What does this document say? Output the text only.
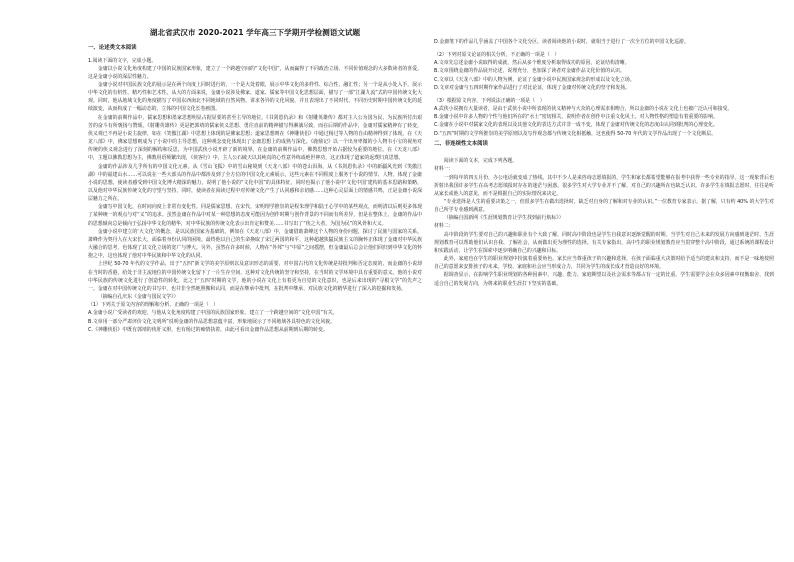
湖北省武汉市 2020-2021 学年高三下学期开学检测语文试题
一、论述类文本阅读

1.阅读下面的文字，完成小题。

金庸以小说文化角度构建了中国的民族国家形象，建立了一个跨越空间的“文化中国”，从而赢得了不同政治立场、不同价值观念的大多数读者的喜爱。这是金庸小说的深层性魅力。

金庸小说对中国民族文化的展示是在两个向度上同时进行的，一个是大处着眼，展示中华文化的多样性、综合性、融汇性；另一个是从小处入手，展示中华文化的有机性、精巧性和艺术性。从大的方面来说，金庸小说涉及佛家、道家、儒家等中国文化思想层面，描写了一部“江湖九流”式的中国传统文化大观。同时，他从地域文化的角度描写了中国东西南北不同地域的自然风物、讲求各异的文化风貌，并且表现出了不同时代、不同历史时期中国传统文化的延续演变，从而构成了一幅动态的、立体的中国文化长卷画图。

在金庸的前期作品中，儒家思想和墨家思想明显占据显要的甚至主导的地位。《书剑恩仇录》和《射雕英雄传》都对主人公为国为民、为民族所付出艰苦的奋斗有所褒扬与赞颂。《射雕英雄传》更是把郭靖的儒家侠义思想、勇往直前的精神描写得淋漓尽致，而在后期的作品中，金庸对儒家精神有了转变，侠义观已不再是小说主旋律，如在《笑傲江湖》中思想上体现的是佛家思想；道家思想则在《神雕侠侣》中通过杨过等人物的自由精神得到了体现，在《天龙八部》中，佛家思想则成为了小说中的主导思想，这种观念变化体现出了金庸思想上的成熟与深化。《鹿鼎记》以一个出身卑微的小人物韦小宝的视角对传统的侠义观念进行了深刻的解构和反思，为中国武侠小说开辟了新的境界。在金庸的前期作品中，佛教思想开始占据较为重要的地位。在《天龙八部》中，主题以佛教思想为主，佛教用语频繁出现，《侠客行》中，主人公石破天以其纯真的心性意外练成绝世神功，这正体现了道家的返璞归真思想。

金庸的作品涉及几乎所有的中国文化元素。从《雪山飞狐》中的雪山秘境到《天龙八部》中的苍山洱海，从《书剑恩仇录》中的新疆风光到《笑傲江湖》中的福建山水……可以说在一些大部头的作品中都涉及到了全方位的中国文化元素展示。这些元素在不同程度上服务于小说的情节、人物，体现了金庸小说的思想，使读者感受到中国文化博大精深的魅力，说明了他小说的“文化中国”的具体特征，同时也揭示了他小说中‘文化中国’建构的基本思路和策略，以及他对中华民族传统文化的守望与坚持，同时，使读者在阅读过程中对传统文化产生了认同感和亲切感……这种心灵层面上的情感共鸣，正是金庸小说深层魅力之所在。

金庸写中国文化，在时间向度上非常有变化性。同是儒家思想，在宋代，宋明理学推崇的是程朱理学和陆王心学中的某些观点，而明清以后则更多体现了某种统一的观点与对“义”的追求。虽然金庸在作品中对某一种思想的态度可能因为创作时期与创作背景的不同而有所差异，但是在整体上，金庸的作品中的思想倾向总是倾向于弘扬中华文化的精华，对中华民族的传统文化表示出肯定和赞美……书写出了“侠之大者，为国为民”的风骨和大义。

金庸小说中建立的‘大文化’的概念，是以民族国家为基础的。例如在《天龙八部》中，金庸借助萧峰这个人物的身份问题，探讨了民族与国家的关系。萧峰作为契丹人在大宋长大，面临着身份认同的困境。最终他以自己的生命换取了宋辽两国的和平，这种超越狭隘民族主义的胸怀正体现了金庸对中华民族大融合的思考，也体现了其文化立场的宽广与博大。另外，虽然在许多时候，人物在“外邦”与“中原”之间摇摆，但金庸最后总会让他们回归到中华文化的怀抱之中，这也体现了他对中华民族和中华文化的认同。

上世纪 50-70 年代的文学作品，出于“五四”新文学的美学原则以及意识形态的需要，对中国古代的文化传统是持批判和否定态度的，而金庸的小说却在当时的香港，给处于非主流地位的中国传统文化留下了一片生存空间，这种对文化传统的坚守和坚持，在当时的文学环境中具有重要的意义。他的小说对中华民族的传统文化进行了创造性的转化，比之于‘五四’时期的文学，他的小说在文化上有着更为自觉的文化意识，也是后来出现的“寻根文学”的先声之一。金庸在对中国传统文化的书写中，也并非全然地照搬和认同，而是在继承中批判，在批判中继承，对民族文化的精华进行了深入的挖掘和发扬。

（摘编自孔庆东《金庸与国民文学》）

（1）下列关于原文内容的理解和分析，正确的一项是（　）

A.金庸小说广受读者的欢迎，与他从文化角度构建了中国的民族国家形象，建立了一个跨越空间的“文化中国”有关。

B.文章用一部分严肃评价文化文明所”说明金庸的作品思想意蕴丰富，形象地展示了不同地域各具特色的文化风貌。

C.《神雕侠侣》中既有郭靖的侠肝义胆，也有杨过的痴情执着，由此可看出金庸作品思想从前期到后期的转变。

D.金庸笔下的作品几乎涵盖了中国各个文化分区，读者阅读他的小说时，就相当于进行了一次全方位的中国文化巡游。

（2）下列对原文论证的相关分析，不正确的一项是（　）

A.文章先总述金庸小说取得的成就，然后从多个维度分析取得成功的原因，论证结构清晰。

B.文章围绕金庸的作品展开论述，说理充分，也加深了读者对金庸作品文化价值的认识。

C.文章以《天龙八部》中的人物为例，论证了金庸小说中民族国家观念的形成以及文化立场。

D.文章对金庸与五四时期作家作品进行了对比论证，体现了金庸对传统文化的坚守和发扬。

（3）根据原文内容，下列说法正确的一项是（　）

A.武侠小说拥有大量读者，是由于武侠小说中所表现的侠义精神与大众的心理需求相吻合，所以金庸的小说在文化上也被广泛认可和接受。

B.金庸小说中许多人物的个性与他们所在的“水土”密切相关，说明作者在创作中注重文化风土，对人物性格的塑造有着重要的影响。

C.金庸在小说中对儒家文化的表现以及其他文化的表达方式并非一成不变，体现了金庸对传统文化的态度由认同到批判的心理变化。

D.“五四”时期的文学所推崇的美学原则以及写作观念都与传统文化相抵触，这也使得 50-70 年代的文学作品出现了一个文化断层。

二、非连续性文本阅读

阅读下面的文本，完成下列各题。

材料一：

一到每年的四五月份，办公电话就变成了热线。其中不少人是来咨询志愿填报的，学生和家长都希望能够在报考中获得一些专业的指导。这一现象背后也折射出我国许多学生在高考志愿填报时存在的迷茫与困惑。很多学生对大学专业并不了解，对自己的兴趣所在也缺乏认识。许多学生在填报志愿时，往往是听从家长或他人的意见，而不是根据自己的实际情况来决定。

“专业选择是人生的重要决策之一，但很多学生在做出选择时，缺乏对自身的了解和对专业的认识。”一位教育专家表示。据了解，只有约 40% 的大学生对自己所学专业感到满意。

（摘编自国新网《生涯规划教育让学生找到前行航标》）

材料二：

高中阶段的学生要对自己的兴趣和职业有个大致了解，同时高中阶段也是学生自我意识逐渐觉醒的时期。当学生对自己未来的发展方向感到迷茫时，生涯规划教育可以帮助他们认识自我、了解社会，从而做出更为理性的选择。有关专家指出，高中生的职业规划教育应当贯穿整个高中阶段，通过系统的课程设计和实践活动，让学生在探索中逐步明确自己的兴趣和目标。

此外，家庭也在学生的职业规划中扮演着重要角色。家长应当尊重孩子的兴趣和选择，在孩子面临重大决策时给予适当的建议和支持，而不是一味地按照自己的意愿来安排孩子的未来。学校、家庭和社会应当形成合力，共同为学生的成长成才营造良好的环境。

据调查显示，在影响学生职业规划的各种因素中，兴趣、能力、家庭期望以及社会需求等都占有一定的比重。学生需要学会在众多因素中权衡取舍，找到适合自己的发展方向，为将来的职业生涯打下坚实的基础。
